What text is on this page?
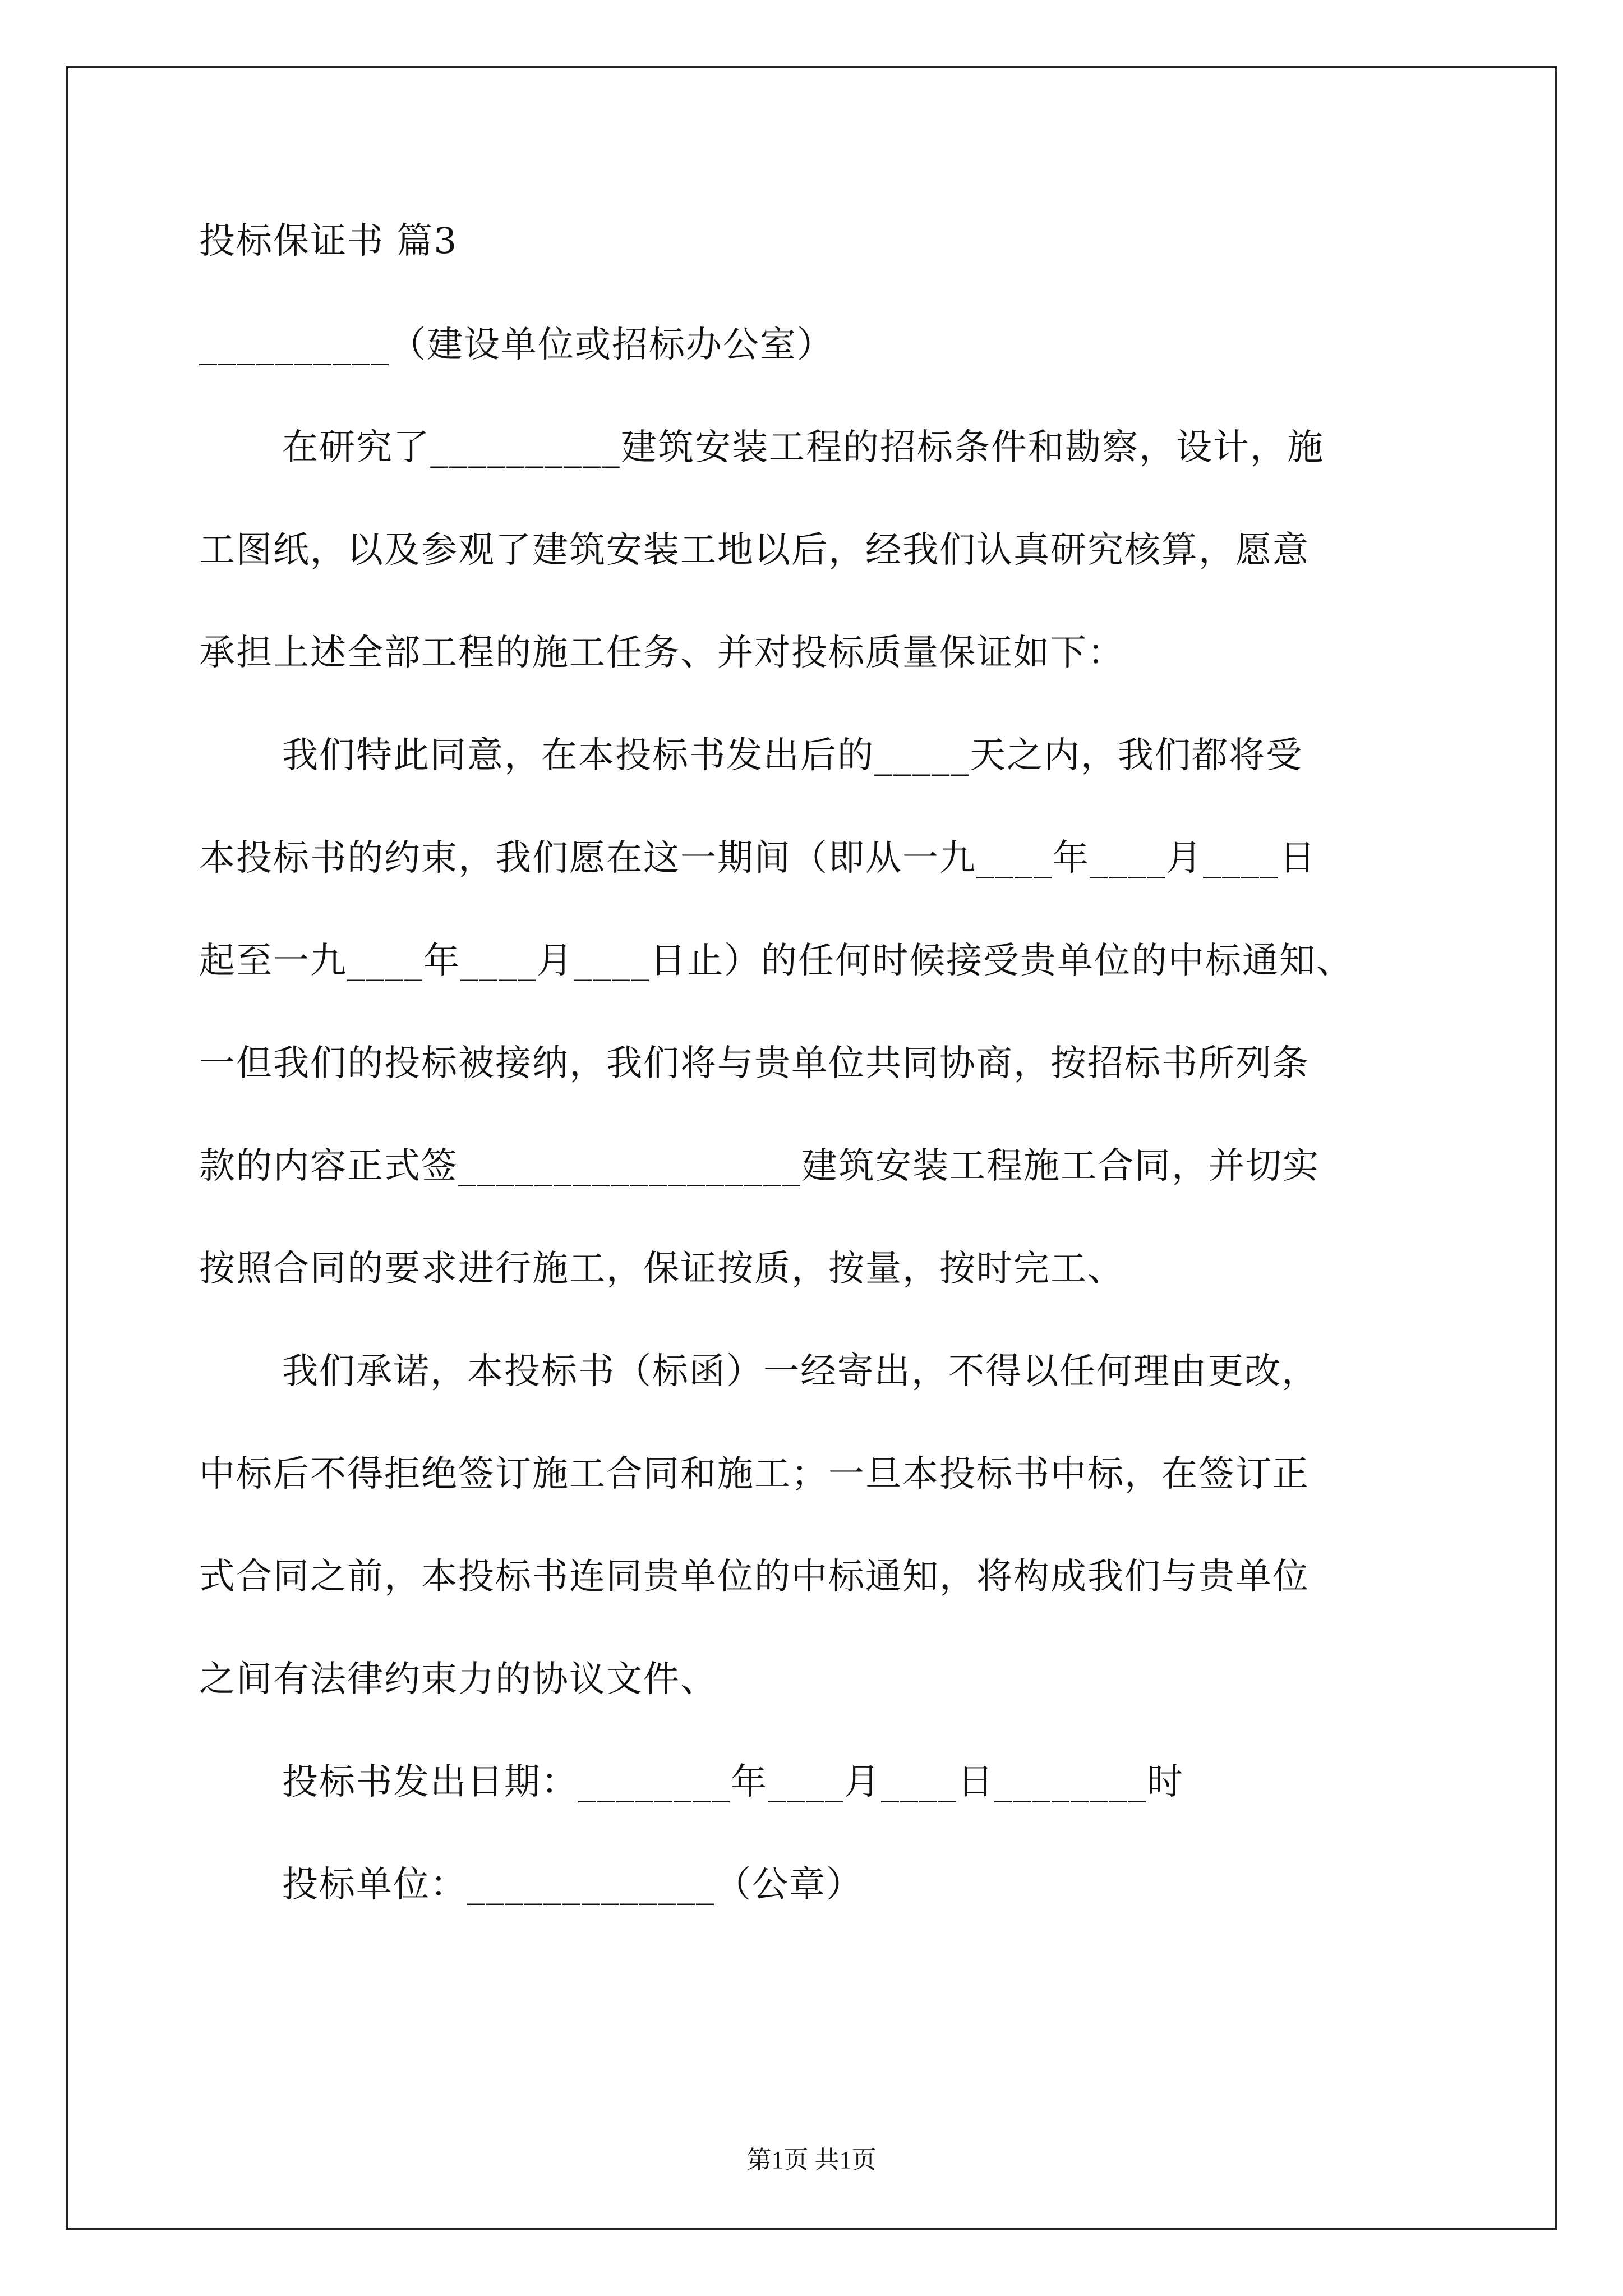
投标保证书 篇3
__________（建设单位或招标办公室）
在研究了__________建筑安装工程的招标条件和勘察，设计，施
工图纸，以及参观了建筑安装工地以后，经我们认真研究核算，愿意
承担上述全部工程的施工任务、并对投标质量保证如下：
我们特此同意，在本投标书发出后的_____天之内，我们都将受
本投标书的约束，我们愿在这一期间（即从一九____年____月____日
起至一九____年____月____日止）的任何时候接受贵单位的中标通知、
一但我们的投标被接纳，我们将与贵单位共同协商，按招标书所列条
款的内容正式签__________________建筑安装工程施工合同，并切实
按照合同的要求进行施工，保证按质，按量，按时完工、
我们承诺，本投标书（标函）一经寄出，不得以任何理由更改，
中标后不得拒绝签订施工合同和施工；一旦本投标书中标，在签订正
式合同之前，本投标书连同贵单位的中标通知，将构成我们与贵单位
之间有法律约束力的协议文件、
投标书发出日期：________年____月____日________时
投标单位：_____________（公章）
第1页 共1页
